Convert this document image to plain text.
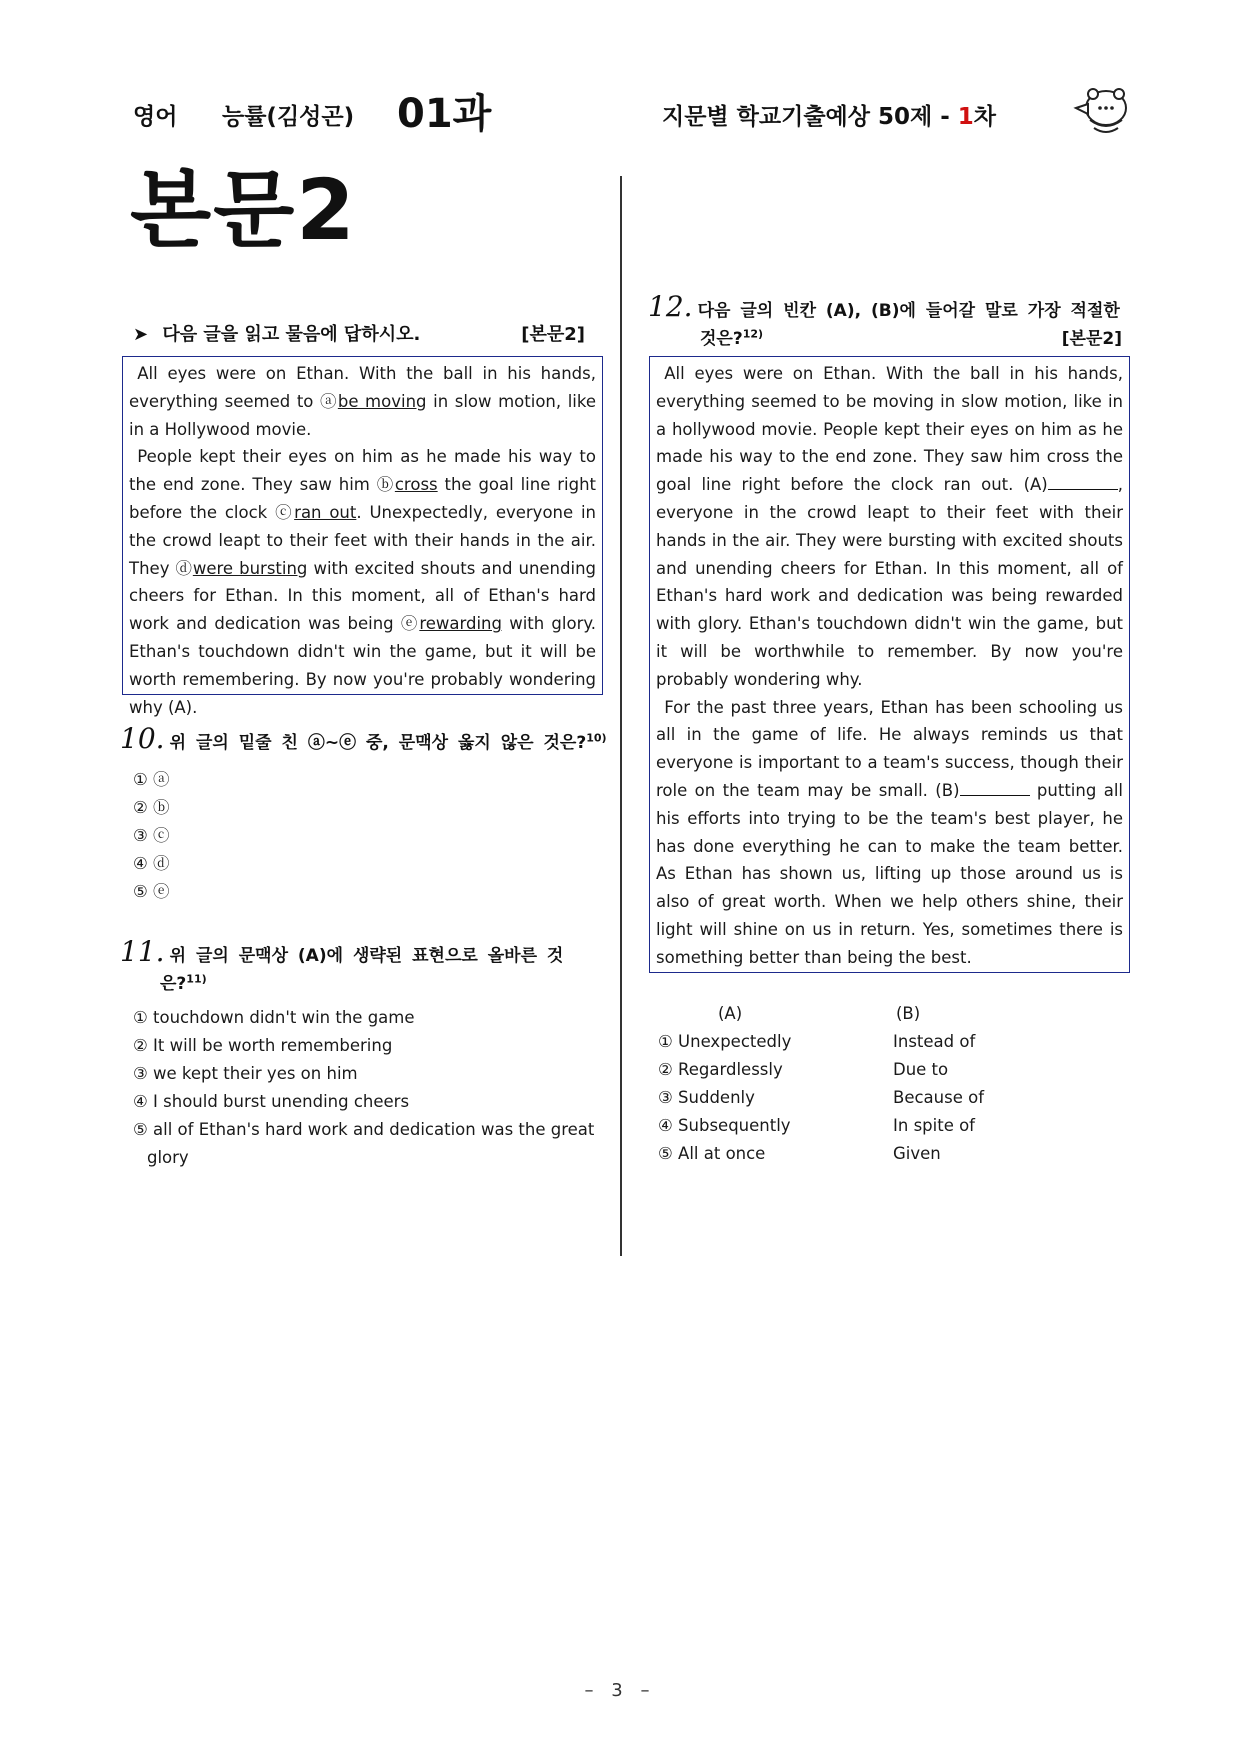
영어 능률(김성곤) 01과	지문별 학교기출예상 50제 - 1차
본문2
➤ 다음 글을 읽고 물음에 답하시오.	[본문2]

All eyes were on Ethan. With the ball in his hands, everything seemed to ⓐbe moving in slow motion, like in a Hollywood movie.

People kept their eyes on him as he made his way to the end zone. They saw him ⓑcross the goal line right before the clock ⓒran out. Unexpectedly, everyone in the crowd leapt to their feet with their hands in the air. They ⓓwere bursting with excited shouts and unending cheers for Ethan. In this moment, all of Ethan's hard work and dedication was being ⓔrewarding with glory. Ethan's touchdown didn't win the game, but it will be worth remembering. By now you're probably wondering why (A).

10. 위 글의 밑줄 친 ⓐ~ⓔ 중, 문맥상 옳지 않은 것은?$^{10)}$
① ⓐ
② ⓑ
③ ⓒ
④ ⓓ
⑤ ⓔ
11. 위 글의 문맥상 (A)에 생략된 표현으로 올바른 것
은?$^{11)}$
① touchdown didn't win the game
② It will be worth remembering
③ we kept their yes on him
④ I should burst unending cheers
⑤ all of Ethan's hard work and dedication was the great
glory
12. 다음 글의 빈칸 (A), (B)에 들어갈 말로 가장 적절한
것은?$^{12)}$	[본문2]

All eyes were on Ethan. With the ball in his hands, everything seemed to be moving in slow motion, like in a hollywood movie. People kept their eyes on him as he made his way to the end zone. They saw him cross the goal line right before the clock ran out. (A)	, everyone in the crowd leapt to their feet with their hands in the air. They were bursting with excited shouts and unending cheers for Ethan. In this moment, all of Ethan's hard work and dedication was being rewarded with glory. Ethan's touchdown didn't win the game, but it will be worthwhile to remember. By now you're probably wondering why.

For the past three years, Ethan has been schooling us all in the game of life. He always reminds us that everyone is important to a team's success, though their role on the team may be small. (B)	putting all his efforts into trying to be the team's best player, he has done everything he can to make the team better. As Ethan has shown us, lifting up those around us is also of great worth. When we help others shine, their light will shine on us in return. Yes, sometimes there is something better than being the best.

(A)	(B)
① Unexpectedly	Instead of
② Regardlessly	Due to
③ Suddenly	Because of
④ Subsequently	In spite of
⑤ All at once	Given
– 3 –
